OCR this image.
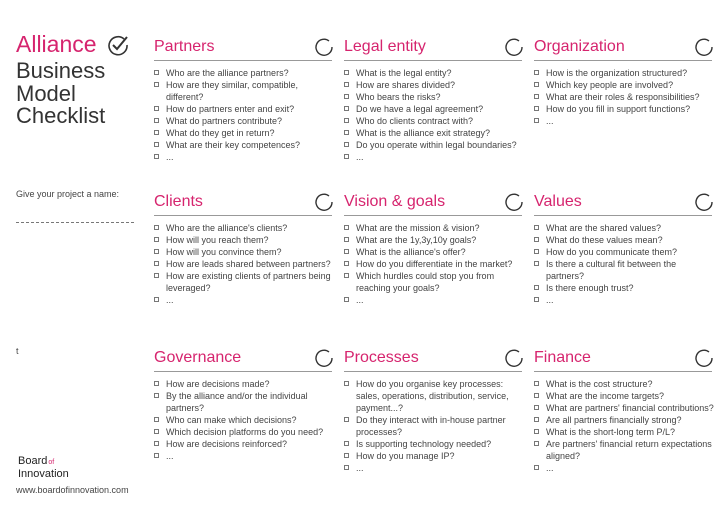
Alliance
Business
Model
Checklist
Give your project a name:
t
Boardof
Innovation
www.boardofinnovation.com
Partners
Who are the alliance partners?
How are they similar, compatible, different?
How do partners enter and exit?
What do partners contribute?
What do they get in return?
What are their key competences?
...
Legal entity
What is the legal entity?
How are shares divided?
Who bears the risks?
Do we have a legal agreement?
Who do clients contract with?
What is the alliance exit strategy?
Do you operate within legal boundaries?
...
Organization
How is the organization structured?
Which key people are involved?
What are their roles & responsibilities?
How do you fill in support functions?
...
Clients
Who are the alliance's clients?
How will you reach them?
How will you convince them?
How are leads shared between partners?
How are existing clients of partners being leveraged?
...
Vision & goals
What are the mission & vision?
What are the 1y,3y,10y goals?
What is the alliance's offer?
How do you differentiate in the market?
Which hurdles could stop you from reaching your goals?
...
Values
What are the shared values?
What do these values mean?
How do you communicate them?
Is there a cultural fit between the partners?
Is there enough trust?
...
Governance
How are decisions made?
By the alliance and/or the individual partners?
Who can make which decisions?
Which decision platforms do you need?
How are decisions reinforced?
...
Processes
How do you organise key processes: sales, operations, distribution, service, payment...?
Do they interact with in-house partner processes?
Is supporting technology needed?
How do you manage IP?
...
Finance
What is the cost structure?
What are the income targets?
What are partners' financial contributions?
Are all partners financially strong?
What is the short-long term P/L?
Are partners' financial return expectations aligned?
...
